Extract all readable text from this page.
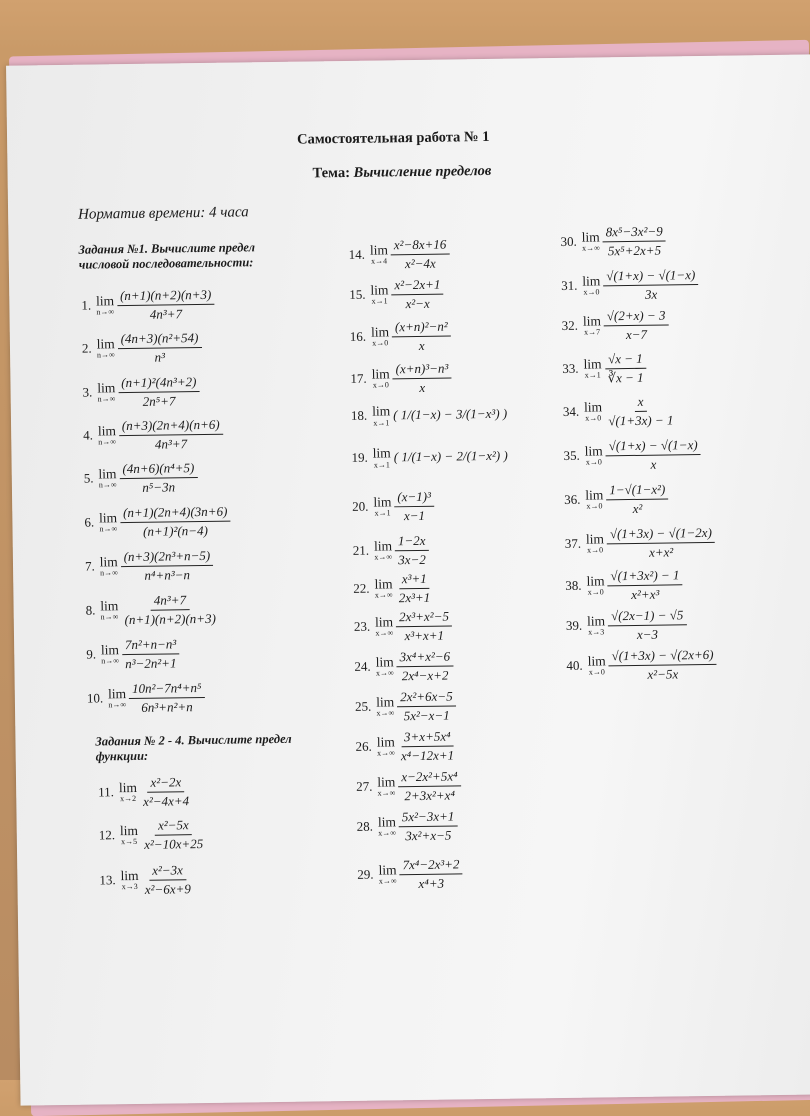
Самостоятельная работа № 1
Тема: Вычисление пределов
Норматив времени: 4 часа
Задания №1. Вычислите предел числовой последовательности:
Задания № 2 - 4. Вычислите предел функции:
1. lim
$n\to\infty \frac{(n+1)(n+2)(n+3)}{\text{4n³+7}}$
2. lim
$n\to\infty \frac{\text{(4n+3)(n²+54)}}{\text{n³}}$
3. lim
$n\to\infty \frac{\text{(n+1)²(4n³+2)}}{\text{2n⁵+7}}$
4. lim
$n\to\infty \frac{(n+3)(2n+4)(n+6)}{\text{4n³+7}}$
5. lim
$n\to\infty \frac{\text{(4n+6)(n⁴+5)}}{\text{n⁵−3n}}$
6. lim
$n\to\infty \frac{(n+1)(2n+4)(3n+6)}{\text{(n+1)²(n−4)}}$
7. lim
$n\to\infty \frac{\text{(n+3)(2n³+n−5)}}{\text{n⁴+n³−n}}$
8. lim
$n\to\infty \frac{\text{4n³+7}}{(n+1)(n+2)(n+3)}$
9. lim
$n\to\infty \frac{\text{7n²+n−n³}}{\text{n³−2n²+1}}$
10. lim
$n\to\infty \frac{\text{10n²−7n⁴+n⁵}}{\text{6n³+n²+n}}$
11. lim
$x\to 2 \frac{\text{x²−2x}}{\text{x²−4x+4}}$
12. lim
$x\to 5 \frac{\text{x²−5x}}{\text{x²−10x+25}}$
13. lim
$x\to 3 \frac{\text{x²−3x}}{\text{x²−6x+9}}$
14. lim
$x\to 4 \frac{\text{x²−8x+16}}{\text{x²−4x}}$
15. lim
$x\to 1 \frac{\text{x²−2x+1}}{\text{x²−x}}$
16. lim
$x\to 0 \frac{\text{(x+n)²−n²}}{x}$
17. lim
$x\to 0 \frac{\text{(x+n)³−n³}}{x}$
18. lim
x→1 ( 1/(1−x) − 3/(1−x³) )
19. lim
x→1 ( 1/(1−x) − 2/(1−x²) )
20. lim
$x\to 1 \frac{\text{(x−1)³}}{x-1}$
21. lim
$x\to\infty \frac{1-2x}{3x-2}$
22. lim
$x\to\infty \frac{\text{x³+1}}{\text{2x³+1}}$
23. lim
$x\to\infty \frac{\text{2x³+x²−5}}{\text{x³+x+1}}$
24. lim
$x\to\infty \frac{\text{3x⁴+x²−6}}{\text{2x⁴−x+2}}$
25. lim
$x\to\infty \frac{\text{2x²+6x−5}}{\text{5x²−x−1}}$
26. lim
$x\to\infty \frac{\text{3+x+5x⁴}}{\text{x⁴−12x+1}}$
27. lim
$x\to\infty \frac{\text{x−2x²+5x⁴}}{\text{2+3x²+x⁴}}$
28. lim
$x\to\infty \frac{\text{5x²−3x+1}}{\text{3x²+x−5}}$
29. lim
$x\to\infty \frac{\text{7x⁴−2x³+2}}{\text{x⁴+3}}$
30. lim
$x\to\infty \frac{\text{8x⁵−3x²−9}}{\text{5x⁵+2x+5}}$
31. lim
$x\to 0 \frac{√(1+x) - √(1-x)}{3x}$
32. lim
$x\to 7 \frac{√(2+x) - 3}{x-7}$
33. lim
$x\to 1 \frac{√x - 1}{∛x - 1}$
34. lim
$x\to 0 \frac{x}{√(1+3x) - 1}$
35. lim
$x\to 0 \frac{√(1+x) - √(1-x)}{x}$
36. lim
$x\to 0 \frac{\text{1−√(1−x²)}}{\text{x²}}$
37. lim
$x\to 0 \frac{√(1+3x) - √(1-2x)}{\text{x+x²}}$
38. lim
$x\to 0 \frac{\text{√(1+3x²) − 1}}{\text{x²+x³}}$
39. lim
$x\to 3 \frac{√(2x-1) - √5}{x-3}$
40. lim
$x\to 0 \frac{√(1+3x) - √(2x+6)}{\text{x²−5x}}$
